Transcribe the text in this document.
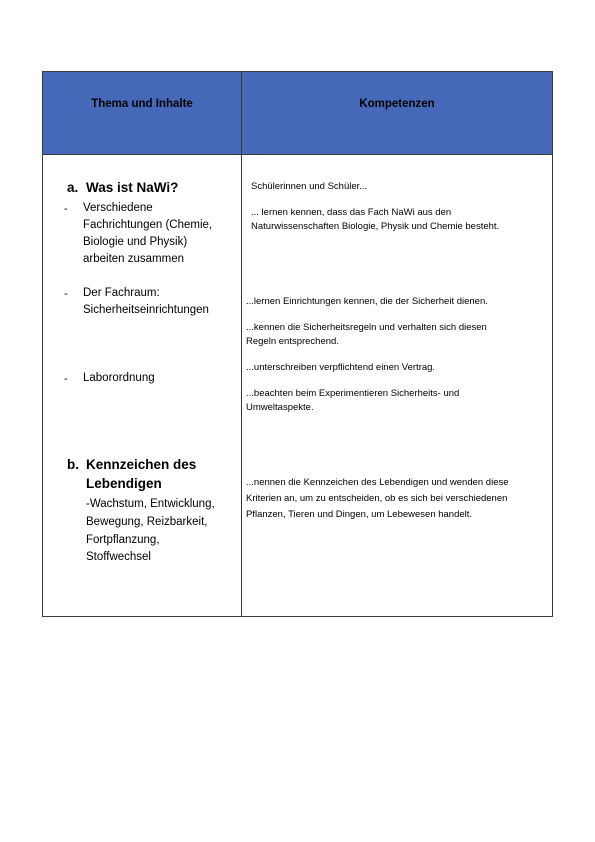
Thema und Inhalte	Kompetenzen
a. Was ist NaWi?
- Verschiedene
Fachrichtungen (Chemie,
Biologie und Physik)
arbeiten zusammen
- Der Fachraum:
Sicherheitseinrichtungen
- Laborordnung
b. Kennzeichen des
Lebendigen
-Wachstum, Entwicklung,
Bewegung, Reizbarkeit,
Fortpflanzung,
Stoffwechsel
Schülerinnen und Schüler...
... lernen kennen, dass das Fach NaWi aus den
Naturwissenschaften Biologie, Physik und Chemie besteht.
...lernen Einrichtungen kennen, die der Sicherheit dienen.
...kennen die Sicherheitsregeln und verhalten sich diesen
Regeln entsprechend.
...unterschreiben verpflichtend einen Vertrag.
...beachten beim Experimentieren Sicherheits- und
Umweltaspekte.
...nennen die Kennzeichen des Lebendigen und wenden diese
Kriterien an, um zu entscheiden, ob es sich bei verschiedenen
Pflanzen, Tieren und Dingen, um Lebewesen handelt.
